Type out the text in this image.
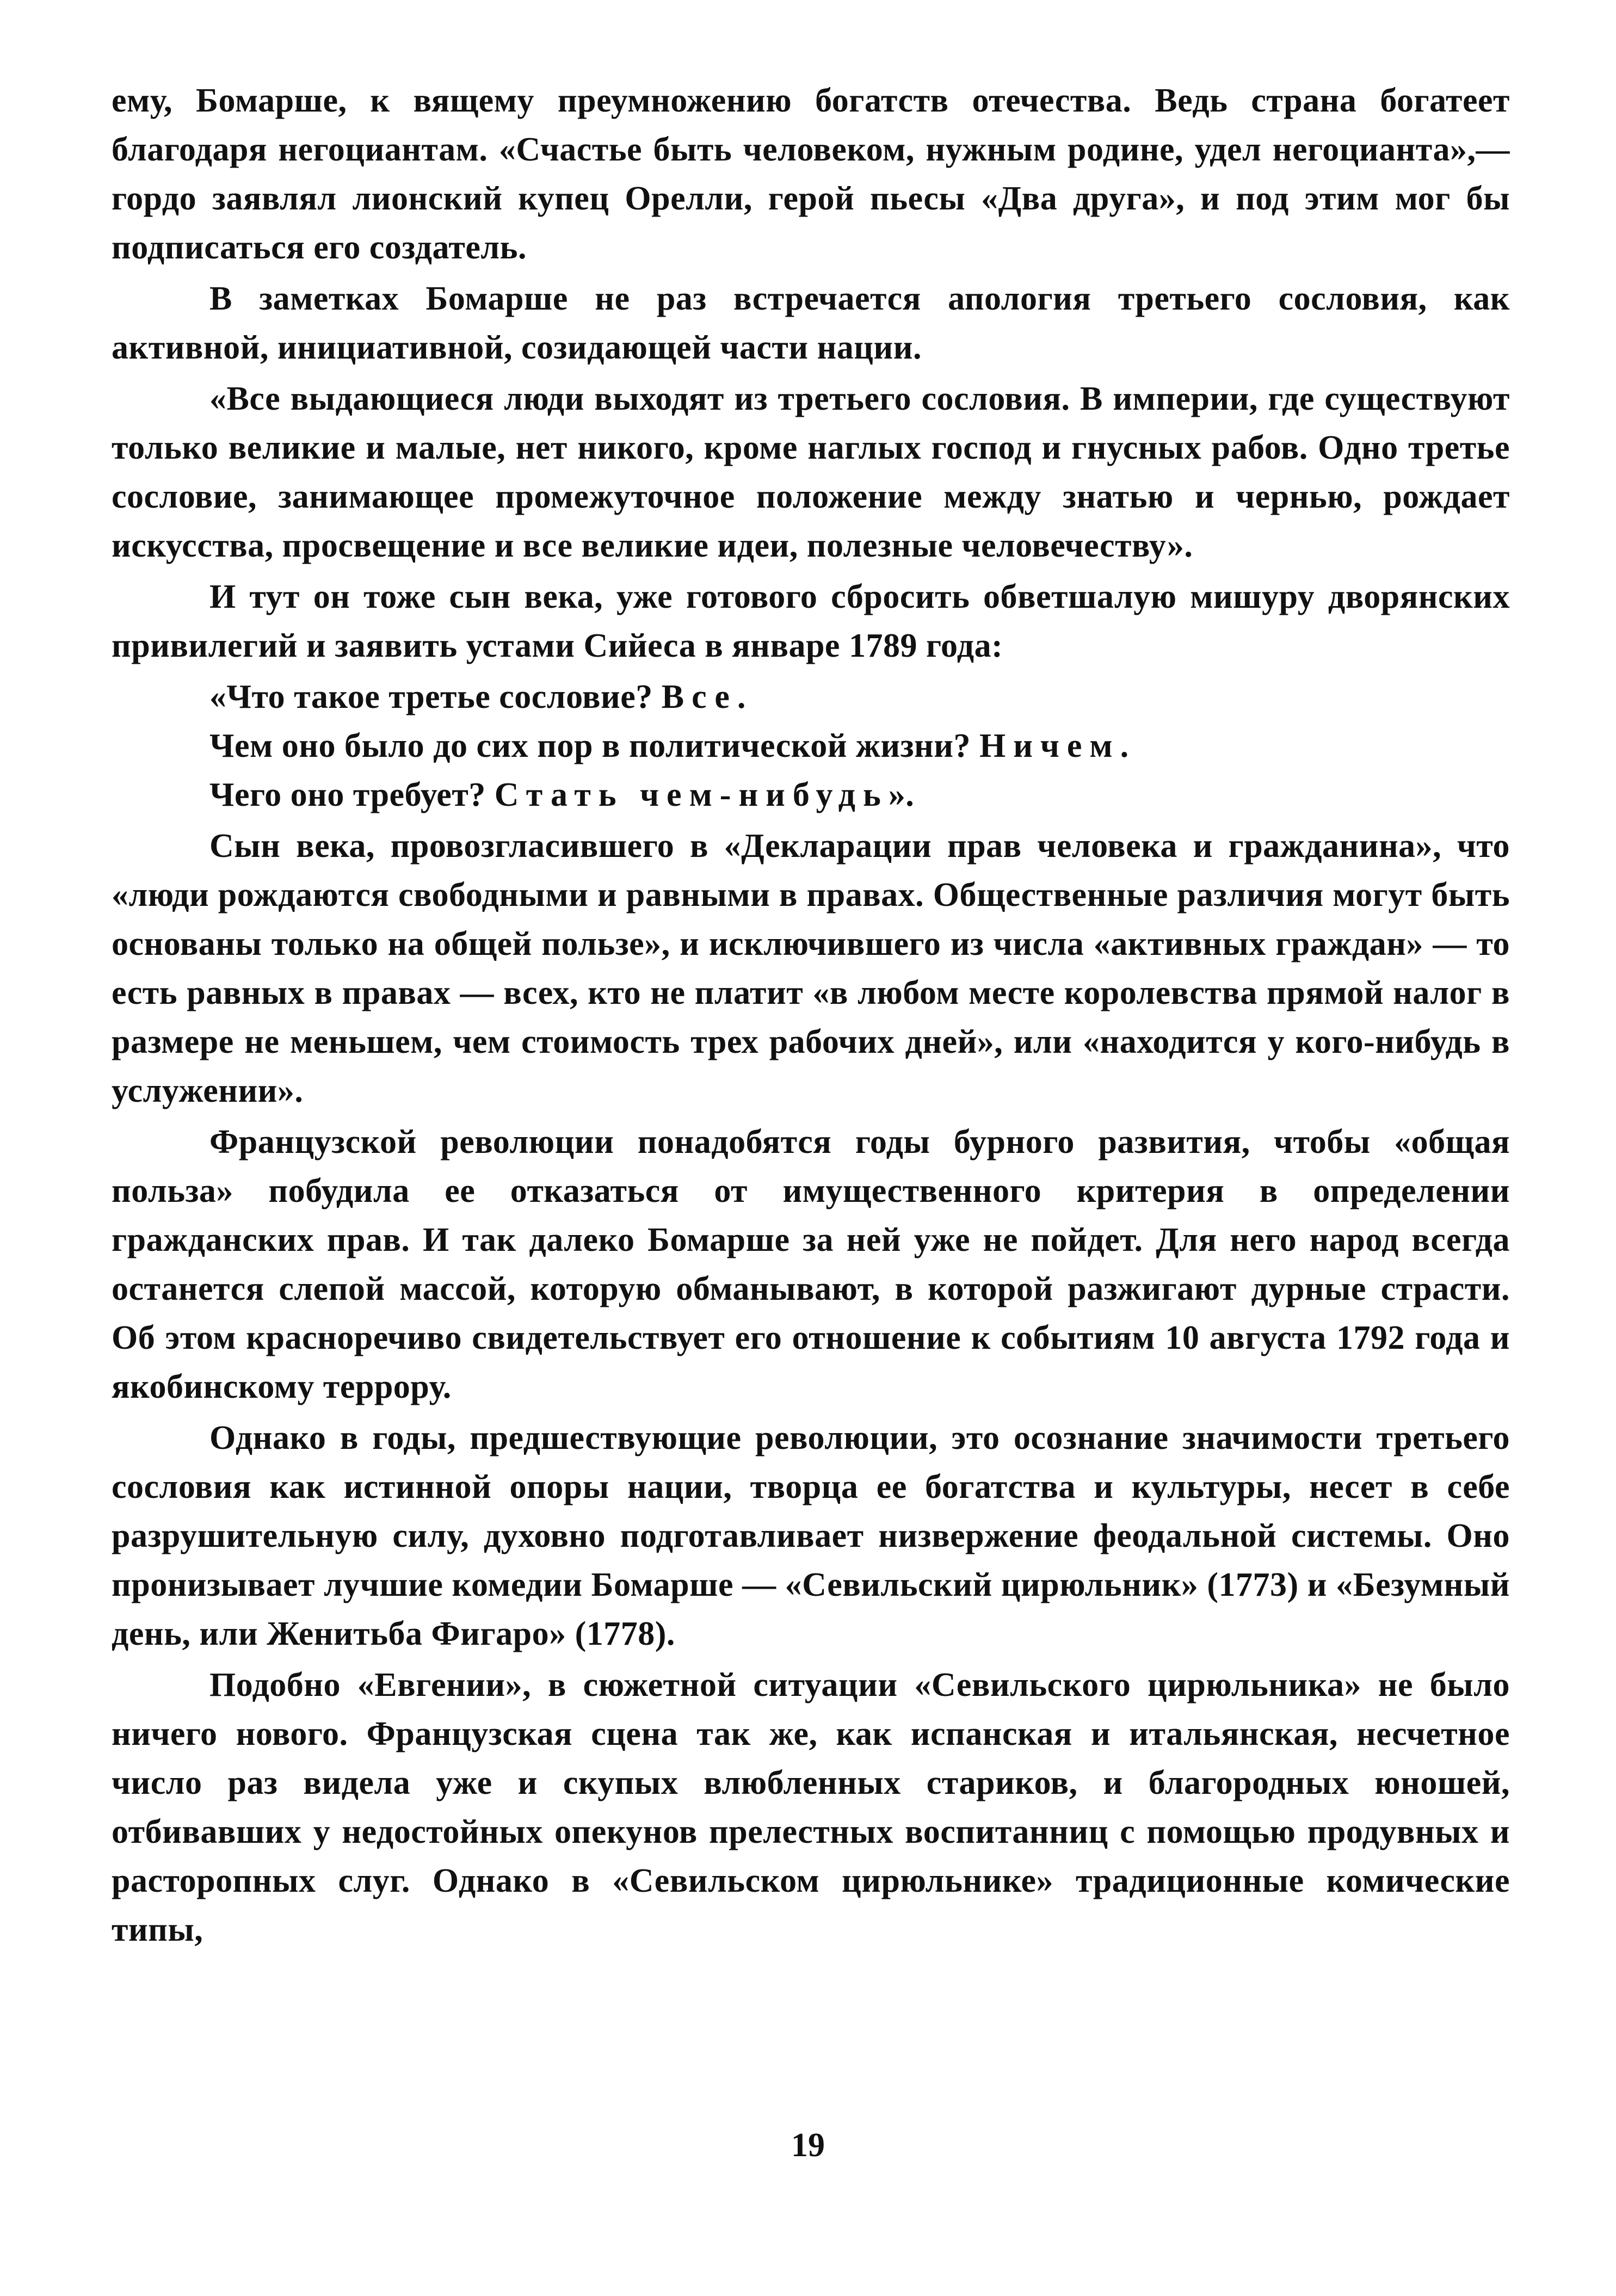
ему, Бомарше, к вящему преумножению богатств отечества. Ведь страна богатеет благодаря негоциантам. «Счастье быть человеком, нужным родине, удел негоцианта»,— гордо заявлял лионский купец Орелли, герой пьесы «Два друга», и под этим мог бы подписаться его создатель.

В заметках Бомарше не раз встречается апология третьего сословия, как активной, инициативной, созидающей части нации.

«Все выдающиеся люди выходят из третьего сословия. В империи, где существуют только великие и малые, нет никого, кроме наглых господ и гнусных рабов. Одно третье сословие, занимающее промежуточное положение между знатью и чернью, рождает искусства, просвещение и все великие идеи, полезные человечеству».

И тут он тоже сын века, уже готового сбросить обветшалую мишуру дворянских привилегий и заявить устами Сийеса в январе 1789 года:

«Что такое третье сословие? Все.

Чем оно было до сих пор в политической жизни? Ничем.

Чего оно требует? Стать чем-нибудь».

Сын века, провозгласившего в «Декларации прав человека и гражданина», что «люди рождаются свободными и равными в правах. Общественные различия могут быть основаны только на общей пользе», и исключившего из числа «активных граждан» — то есть равных в правах — всех, кто не платит «в любом месте королевства прямой налог в размере не меньшем, чем стоимость трех рабочих дней», или «находится у кого-нибудь в услужении».

Французской революции понадобятся годы бурного развития, чтобы «общая польза» побудила ее отказаться от имущественного критерия в определении гражданских прав. И так далеко Бомарше за ней уже не пойдет. Для него народ всегда останется слепой массой, которую обманывают, в которой разжигают дурные страсти. Об этом красноречиво свидетельствует его отношение к событиям 10 августа 1792 года и якобинскому террору.

Однако в годы, предшествующие революции, это осознание значимости третьего сословия как истинной опоры нации, творца ее богатства и культуры, несет в себе разрушительную силу, духовно подготавливает низвержение феодальной системы. Оно пронизывает лучшие комедии Бомарше — «Севильский цирюльник» (1773) и «Безумный день, или Женитьба Фигаро» (1778).

Подобно «Евгении», в сюжетной ситуации «Севильского цирюльника» не было ничего нового. Французская сцена так же, как испанская и итальянская, несчетное число раз видела уже и скупых влюбленных стариков, и благородных юношей, отбивавших у недостойных опекунов прелестных воспитанниц с помощью продувных и расторопных слуг. Однако в «Севильском цирюльнике» традиционные комические типы,

19
